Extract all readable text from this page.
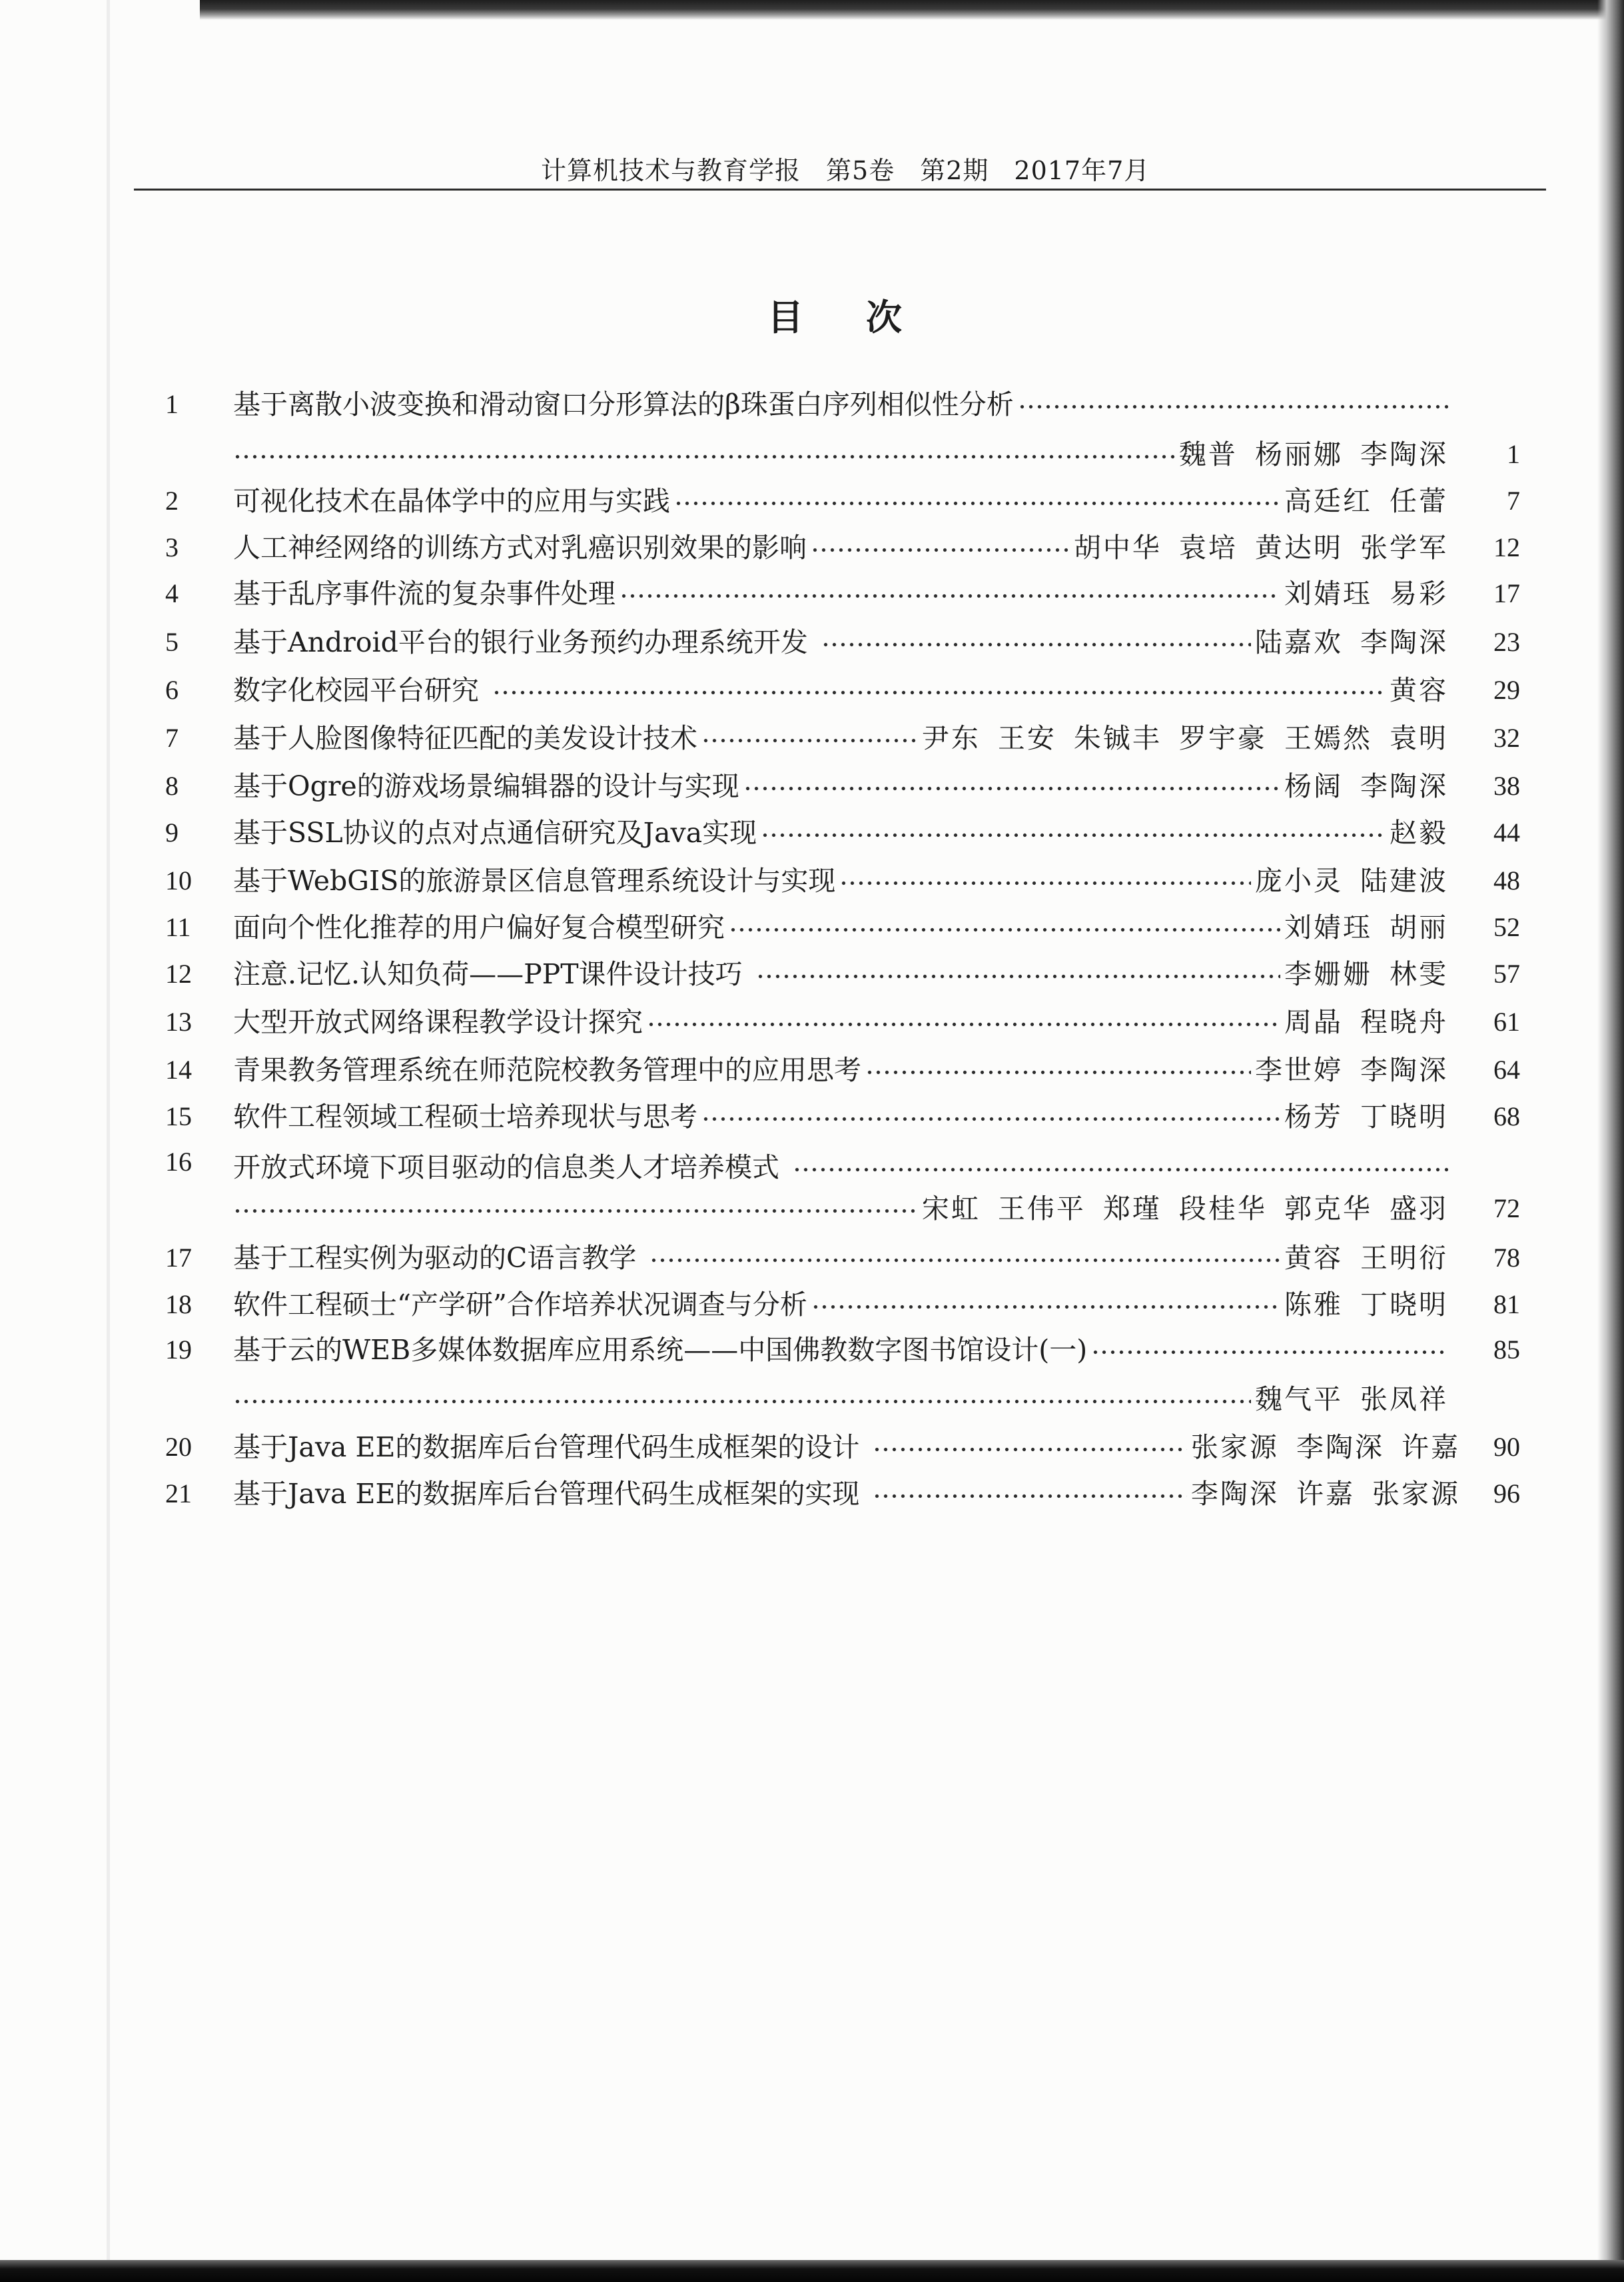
计算机技术与教育学报 第5卷 第2期 2017年7月
目 次
1 基于离散小波变换和滑动窗口分形算法的β珠蛋白序列相似性分析
魏普 杨丽娜 李陶深	1
2 可视化技术在晶体学中的应用与实践	高廷红 任蕾	7
3 人工神经网络的训练方式对乳癌识别效果的影响	胡中华 袁培 黄达明 张学军	12
4 基于乱序事件流的复杂事件处理	刘婧珏 易彩	17
5 基于Android平台的银行业务预约办理系统开发	陆嘉欢 李陶深	23
6 数字化校园平台研究	黄容	29
7 基于人脸图像特征匹配的美发设计技术	尹东 王安 朱铖丰 罗宇豪 王嫣然 袁明	32
8 基于Ogre的游戏场景编辑器的设计与实现	杨阔 李陶深	38
9 基于SSL协议的点对点通信研究及Java实现	赵毅	44
10 基于WebGIS的旅游景区信息管理系统设计与实现	庞小灵 陆建波	48
11 面向个性化推荐的用户偏好复合模型研究	刘婧珏 胡丽	52
12 注意.记忆.认知负荷——PPT课件设计技巧	李姗姗 林雯	57
13 大型开放式网络课程教学设计探究	周晶 程晓舟	61
14 青果教务管理系统在师范院校教务管理中的应用思考	李世婷 李陶深	64
15 软件工程领域工程硕士培养现状与思考	杨芳 丁晓明	68
16 开放式环境下项目驱动的信息类人才培养模式
宋虹 王伟平 郑瑾 段桂华 郭克华 盛羽	72
17 基于工程实例为驱动的C语言教学	黄容 王明衍	78
18 软件工程硕士“产学研”合作培养状况调查与分析	陈雅 丁晓明	81
19 基于云的WEB多媒体数据库应用系统——中国佛教数字图书馆设计(一)	85
魏气平 张凤祥
20 基于Java EE的数据库后台管理代码生成框架的设计	张家源 李陶深 许嘉	90
21 基于Java EE的数据库后台管理代码生成框架的实现	李陶深 许嘉 张家源	96
